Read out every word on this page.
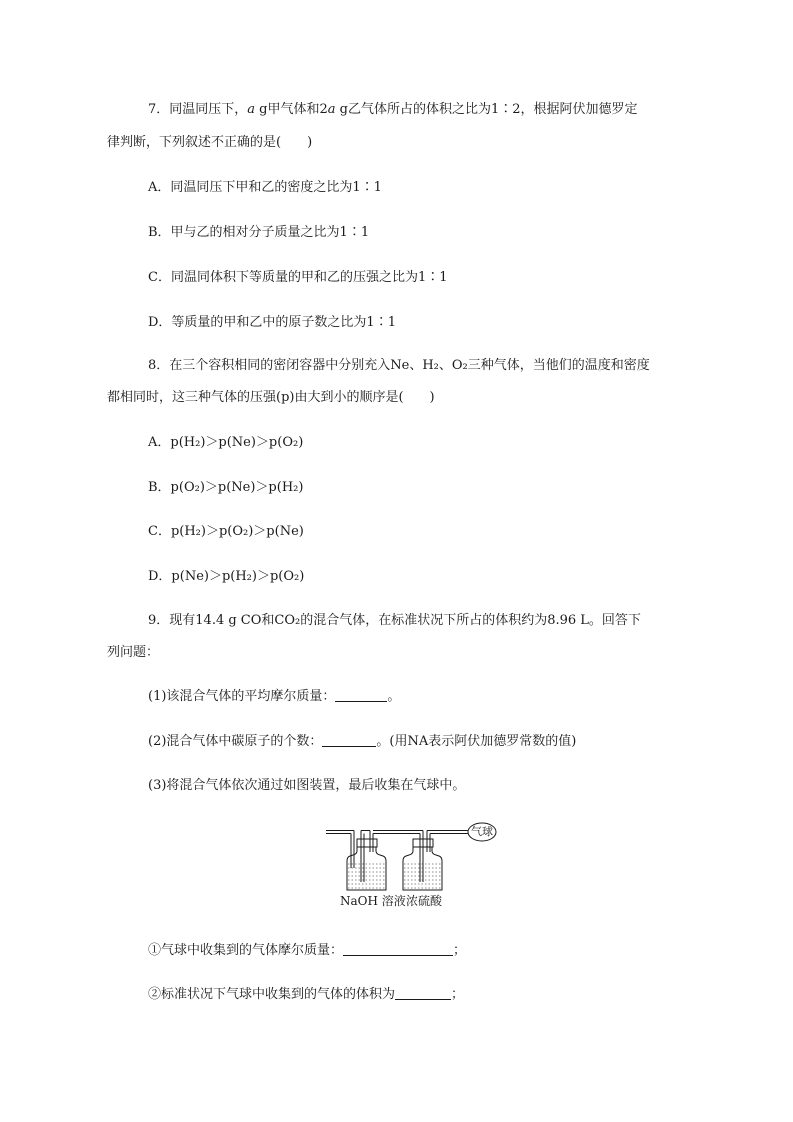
7．同温同压下，a g甲气体和2a g乙气体所占的体积之比为1∶2，根据阿伏加德罗定
律判断，下列叙述不正确的是(　　)
A．同温同压下甲和乙的密度之比为1∶1
B．甲与乙的相对分子质量之比为1∶1
C．同温同体积下等质量的甲和乙的压强之比为1∶1
D．等质量的甲和乙中的原子数之比为1∶1
8．在三个容积相同的密闭容器中分别充入Ne、H₂、O₂三种气体，当他们的温度和密度
都相同时，这三种气体的压强(p)由大到小的顺序是(　　)
A．p(H₂)＞p(Ne)＞p(O₂)
B．p(O₂)＞p(Ne)＞p(H₂)
C．p(H₂)＞p(O₂)＞p(Ne)
D．p(Ne)＞p(H₂)＞p(O₂)
9．现有14.4 g CO和CO₂的混合气体，在标准状况下所占的体积约为8.96 L。回答下
列问题：
(1)该混合气体的平均摩尔质量：	。
(2)混合气体中碳原子的个数：	。(用NA表示阿伏加德罗常数的值)
(3)将混合气体依次通过如图装置，最后收集在气球中。
气球
NaOH 溶液 浓硫酸
①气球中收集到的气体摩尔质量：	；
②标准状况下气球中收集到的气体的体积为	；
